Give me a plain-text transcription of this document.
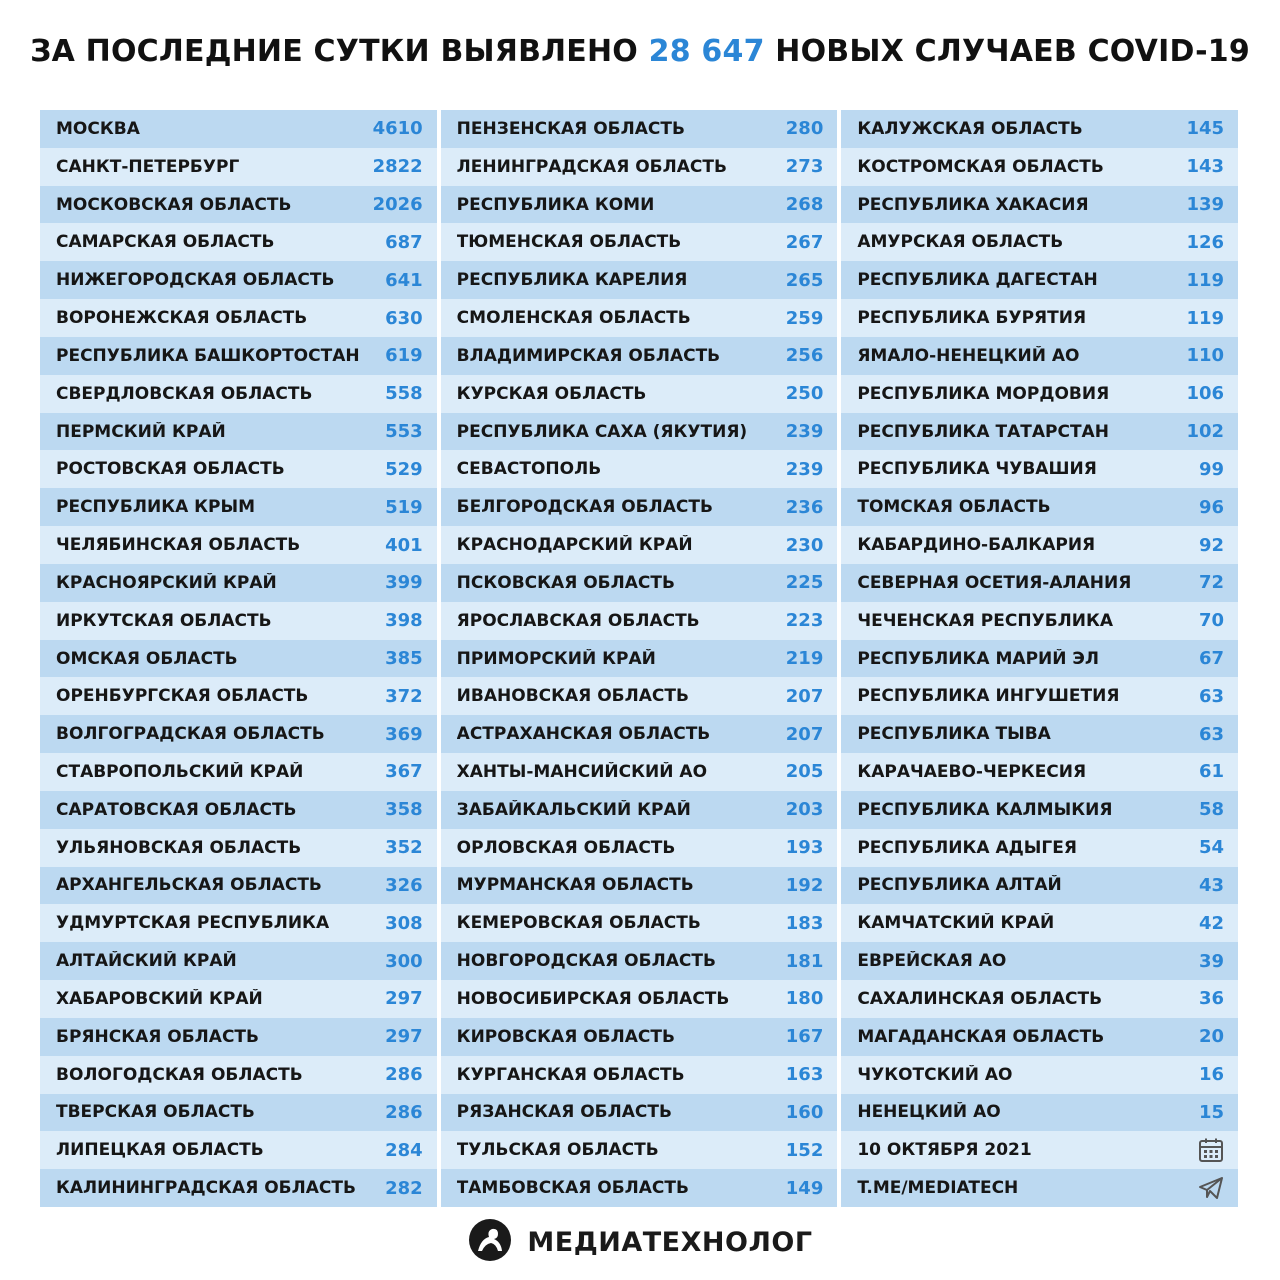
ЗА ПОСЛЕДНИЕ СУТКИ ВЫЯВЛЕНО 28 647 НОВЫХ СЛУЧАЕВ COVID-19
МОСКВА	4610
САНКТ-ПЕТЕРБУРГ	2822
МОСКОВСКАЯ ОБЛАСТЬ	2026
САМАРСКАЯ ОБЛАСТЬ	687
НИЖЕГОРОДСКАЯ ОБЛАСТЬ	641
ВОРОНЕЖСКАЯ ОБЛАСТЬ	630
РЕСПУБЛИКА БАШКОРТОСТАН 619
СВЕРДЛОВСКАЯ ОБЛАСТЬ	558
ПЕРМСКИЙ КРАЙ	553
РОСТОВСКАЯ ОБЛАСТЬ	529
РЕСПУБЛИКА КРЫМ	519
ЧЕЛЯБИНСКАЯ ОБЛАСТЬ	401
КРАСНОЯРСКИЙ КРАЙ	399
ИРКУТСКАЯ ОБЛАСТЬ	398
ОМСКАЯ ОБЛАСТЬ	385
ОРЕНБУРГСКАЯ ОБЛАСТЬ	372
ВОЛГОГРАДСКАЯ ОБЛАСТЬ	369
СТАВРОПОЛЬСКИЙ КРАЙ	367
САРАТОВСКАЯ ОБЛАСТЬ	358
УЛЬЯНОВСКАЯ ОБЛАСТЬ	352
АРХАНГЕЛЬСКАЯ ОБЛАСТЬ	326
УДМУРТСКАЯ РЕСПУБЛИКА	308
АЛТАЙСКИЙ КРАЙ	300
ХАБАРОВСКИЙ КРАЙ	297
БРЯНСКАЯ ОБЛАСТЬ	297
ВОЛОГОДСКАЯ ОБЛАСТЬ	286
ТВЕРСКАЯ ОБЛАСТЬ	286
ЛИПЕЦКАЯ ОБЛАСТЬ	284
КАЛИНИНГРАДСКАЯ ОБЛАСТЬ 282
ПЕНЗЕНСКАЯ ОБЛАСТЬ	280
ЛЕНИНГРАДСКАЯ ОБЛАСТЬ	273
РЕСПУБЛИКА КОМИ	268
ТЮМЕНСКАЯ ОБЛАСТЬ	267
РЕСПУБЛИКА КАРЕЛИЯ	265
СМОЛЕНСКАЯ ОБЛАСТЬ	259
ВЛАДИМИРСКАЯ ОБЛАСТЬ	256
КУРСКАЯ ОБЛАСТЬ	250
РЕСПУБЛИКА САХА (ЯКУТИЯ) 239
СЕВАСТОПОЛЬ	239
БЕЛГОРОДСКАЯ ОБЛАСТЬ	236
КРАСНОДАРСКИЙ КРАЙ	230
ПСКОВСКАЯ ОБЛАСТЬ	225
ЯРОСЛАВСКАЯ ОБЛАСТЬ	223
ПРИМОРСКИЙ КРАЙ	219
ИВАНОВСКАЯ ОБЛАСТЬ	207
АСТРАХАНСКАЯ ОБЛАСТЬ	207
ХАНТЫ-МАНСИЙСКИЙ АО	205
ЗАБАЙКАЛЬСКИЙ КРАЙ	203
ОРЛОВСКАЯ ОБЛАСТЬ	193
МУРМАНСКАЯ ОБЛАСТЬ	192
КЕМЕРОВСКАЯ ОБЛАСТЬ	183
НОВГОРОДСКАЯ ОБЛАСТЬ	181
НОВОСИБИРСКАЯ ОБЛАСТЬ	180
КИРОВСКАЯ ОБЛАСТЬ	167
КУРГАНСКАЯ ОБЛАСТЬ	163
РЯЗАНСКАЯ ОБЛАСТЬ	160
ТУЛЬСКАЯ ОБЛАСТЬ	152
ТАМБОВСКАЯ ОБЛАСТЬ	149
КАЛУЖСКАЯ ОБЛАСТЬ	145
КОСТРОМСКАЯ ОБЛАСТЬ	143
РЕСПУБЛИКА ХАКАСИЯ	139
АМУРСКАЯ ОБЛАСТЬ	126
РЕСПУБЛИКА ДАГЕСТАН	119
РЕСПУБЛИКА БУРЯТИЯ	119
ЯМАЛО-НЕНЕЦКИЙ АО	110
РЕСПУБЛИКА МОРДОВИЯ	106
РЕСПУБЛИКА ТАТАРСТАН	102
РЕСПУБЛИКА ЧУВАШИЯ	99
ТОМСКАЯ ОБЛАСТЬ	96
КАБАРДИНО-БАЛКАРИЯ	92
СЕВЕРНАЯ ОСЕТИЯ-АЛАНИЯ	72
ЧЕЧЕНСКАЯ РЕСПУБЛИКА	70
РЕСПУБЛИКА МАРИЙ ЭЛ	67
РЕСПУБЛИКА ИНГУШЕТИЯ	63
РЕСПУБЛИКА ТЫВА	63
КАРАЧАЕВО-ЧЕРКЕСИЯ	61
РЕСПУБЛИКА КАЛМЫКИЯ	58
РЕСПУБЛИКА АДЫГЕЯ	54
РЕСПУБЛИКА АЛТАЙ	43
КАМЧАТСКИЙ КРАЙ	42
ЕВРЕЙСКАЯ АО	39
САХАЛИНСКАЯ ОБЛАСТЬ	36
МАГАДАНСКАЯ ОБЛАСТЬ	20
ЧУКОТСКИЙ АО	16
НЕНЕЦКИЙ АО	15
10 ОКТЯБРЯ 2021
T.ME/MEDIATECH
МЕДИАТЕХНОЛОГ
